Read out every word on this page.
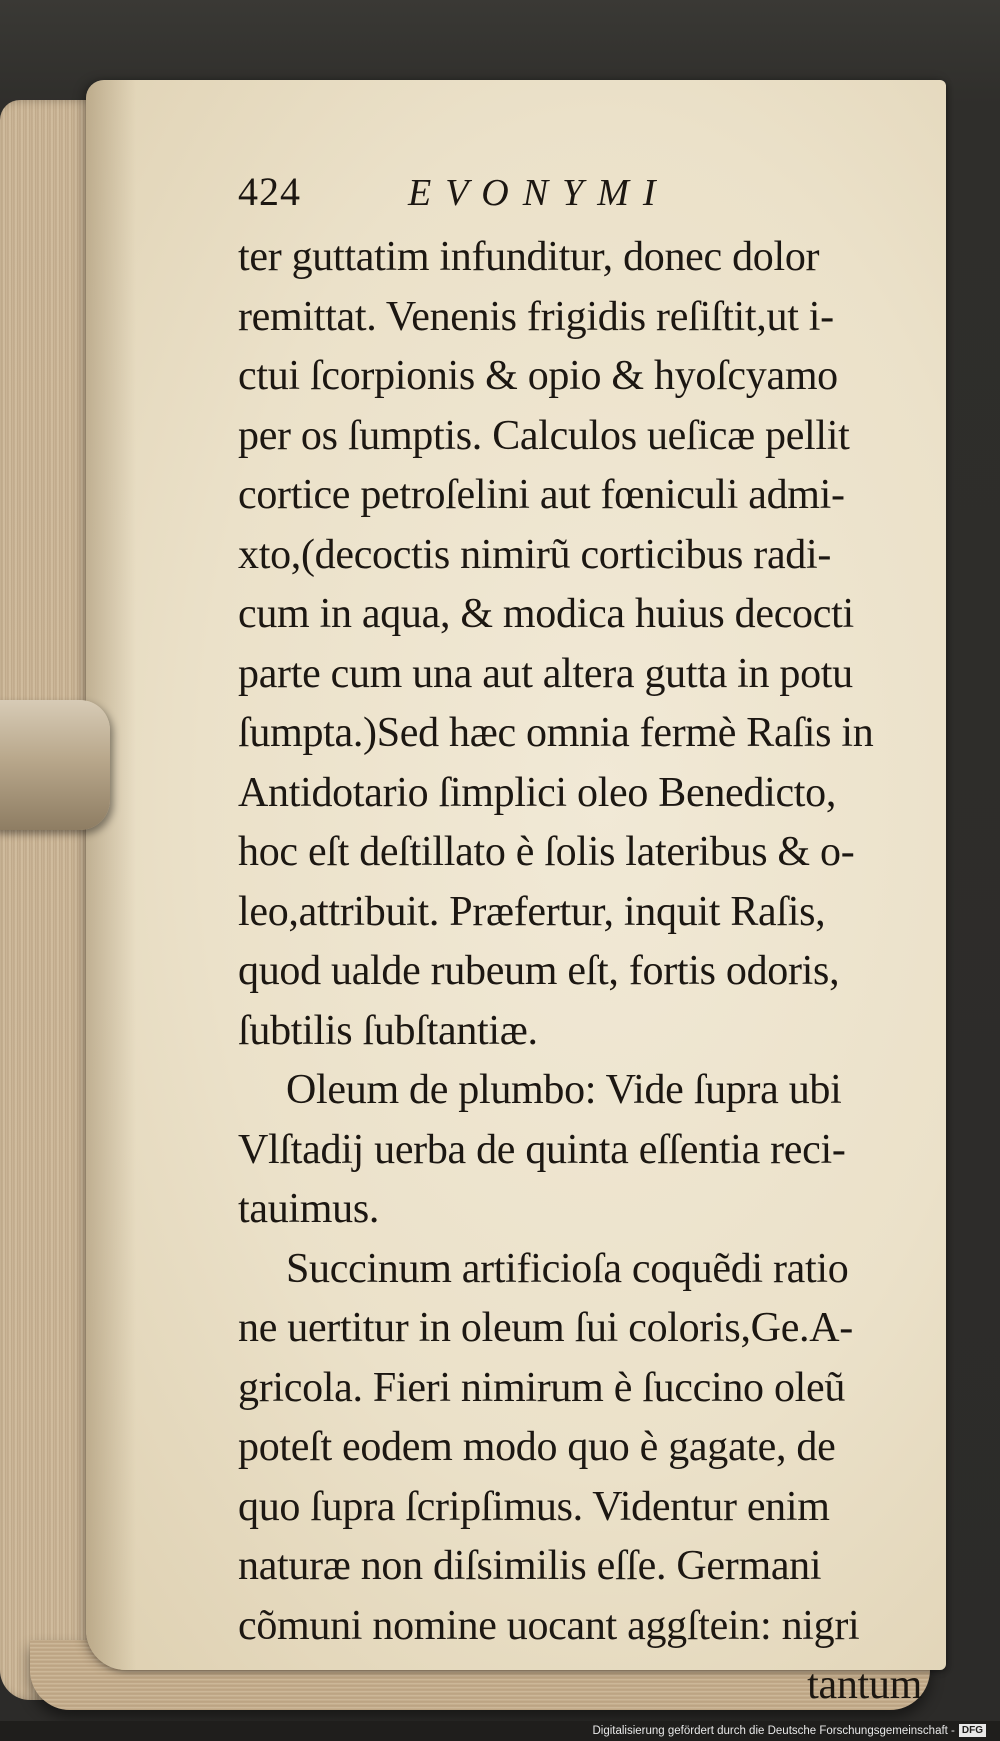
424	EVONYMI
ter guttatim infunditur, donec dolor
remittat. Venenis frigidis reſiſtit,ut i-
ctui ſcorpionis & opio & hyoſcyamo
per os ſumptis. Calculos ueſicæ pellit
cortice petroſelini aut fœniculi admi-
xto,(decoctis nimirũ corticibus radi-
cum in aqua, & modica huius decocti
parte cum una aut altera gutta in potu
ſumpta.)Sed hæc omnia fermè Raſis in
Antidotario ſimplici oleo Benedicto,
hoc eſt deſtillato è ſolis lateribus & o-
leo,attribuit. Præfertur, inquit Raſis,
quod ualde rubeum eſt, fortis odoris,
ſubtilis ſubſtantiæ.
Oleum de plumbo: Vide ſupra ubi
Vlſtadij uerba de quinta eſſentia reci-
tauimus.
Succinum artificioſa coquẽdi ratio
ne uertitur in oleum ſui coloris,Ge.A-
gricola. Fieri nimirum è ſuccino oleũ
poteſt eodem modo quo è gagate, de
quo ſupra ſcripſimus. Videntur enim
naturæ non diſsimilis eſſe. Germani
cõmuni nomine uocant aggſtein: nigri
tantum
Digitalisierung gefördert durch die Deutsche Forschungsgemeinschaft - DFG
